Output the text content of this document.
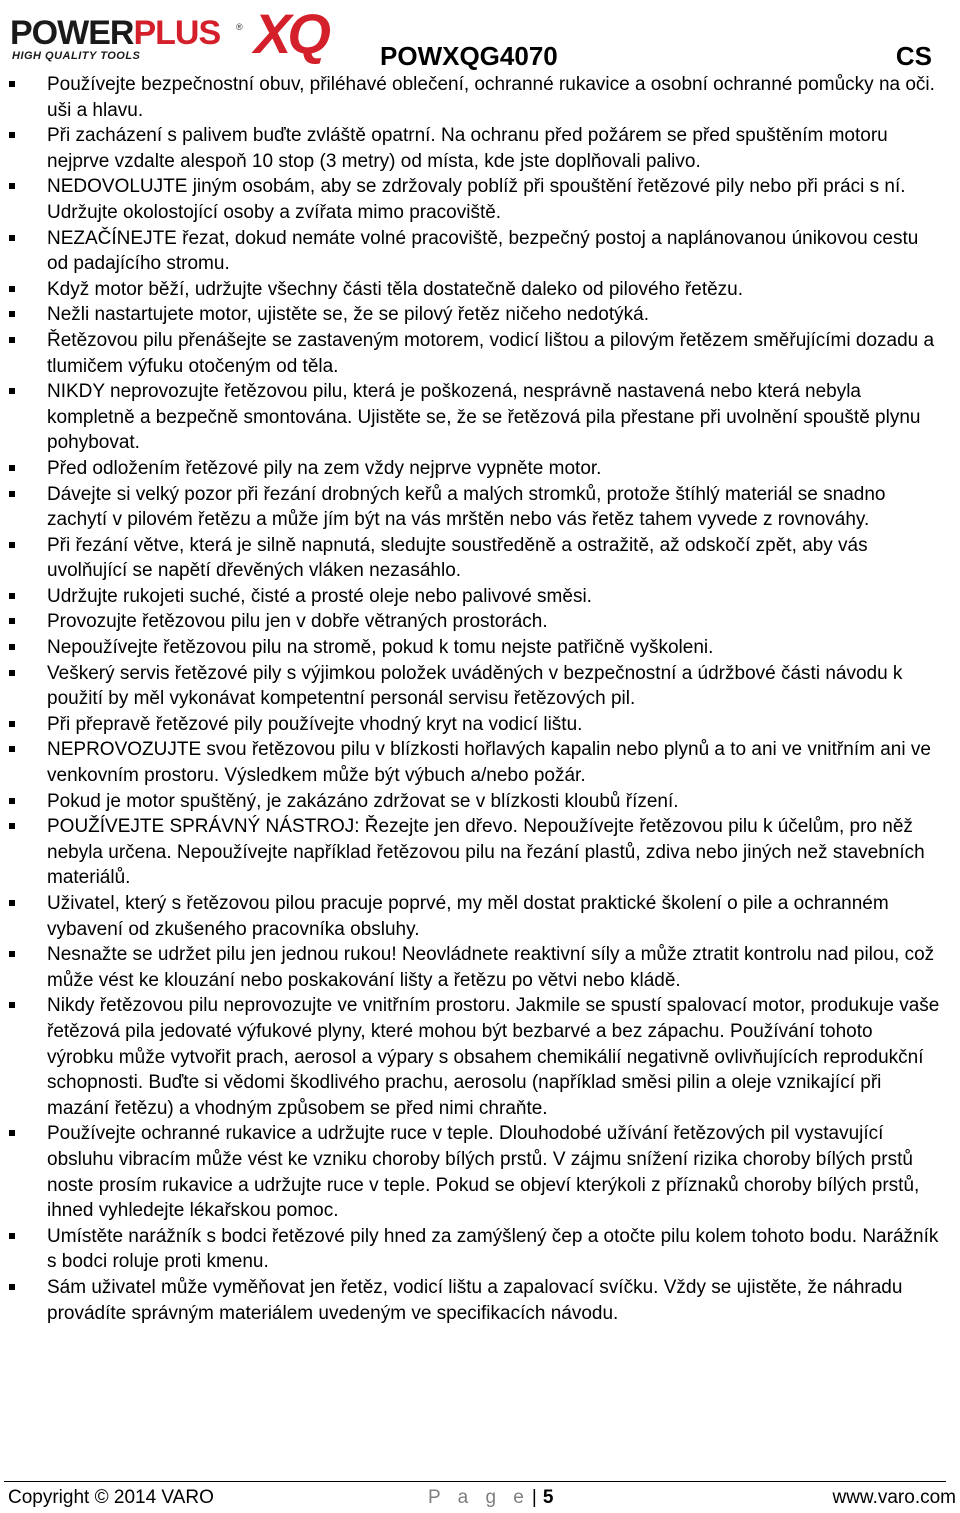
POWERPLUS ®
HIGH QUALITY TOOLS XQ POWXQG4070	CS
Používejte bezpečnostní obuv, přiléhavé oblečení, ochranné rukavice a osobní ochranné pomůcky na oči. uši a hlavu.
Při zacházení s palivem buďte zvláště opatrní. Na ochranu před požárem se před spuštěním motoru nejprve vzdalte alespoň 10 stop (3 metry) od místa, kde jste doplňovali palivo.
NEDOVOLUJTE jiným osobám, aby se zdržovaly poblíž při spouštění řetězové pily nebo při práci s ní. Udržujte okolostojící osoby a zvířata mimo pracoviště.
NEZAČÍNEJTE řezat, dokud nemáte volné pracoviště, bezpečný postoj a naplánovanou únikovou cestu od padajícího stromu.
Když motor běží, udržujte všechny části těla dostatečně daleko od pilového řetězu.
Nežli nastartujete motor, ujistěte se, že se pilový řetěz ničeho nedotýká.
Řetězovou pilu přenášejte se zastaveným motorem, vodicí lištou a pilovým řetězem směřujícími dozadu a tlumičem výfuku otočeným od těla.
NIKDY neprovozujte řetězovou pilu, která je poškozená, nesprávně nastavená nebo která nebyla kompletně a bezpečně smontována. Ujistěte se, že se řetězová pila přestane při uvolnění spouště plynu pohybovat.
Před odložením řetězové pily na zem vždy nejprve vypněte motor.
Dávejte si velký pozor při řezání drobných keřů a malých stromků, protože štíhlý materiál se snadno zachytí v pilovém řetězu a může jím být na vás mrštěn nebo vás řetěz tahem vyvede z rovnováhy.
Při řezání větve, která je silně napnutá, sledujte soustředěně a ostražitě, až odskočí zpět, aby vás uvolňující se napětí dřevěných vláken nezasáhlo.
Udržujte rukojeti suché, čisté a prosté oleje nebo palivové směsi.
Provozujte řetězovou pilu jen v dobře větraných prostorách.
Nepoužívejte řetězovou pilu na stromě, pokud k tomu nejste patřičně vyškoleni.
Veškerý servis řetězové pily s výjimkou položek uváděných v bezpečnostní a údržbové části návodu k použití by měl vykonávat kompetentní personál servisu řetězových pil.
Při přepravě řetězové pily používejte vhodný kryt na vodicí lištu.
NEPROVOZUJTE svou řetězovou pilu v blízkosti hořlavých kapalin nebo plynů a to ani ve vnitřním ani ve venkovním prostoru. Výsledkem může být výbuch a/nebo požár.
Pokud je motor spuštěný, je zakázáno zdržovat se v blízkosti kloubů řízení.
POUŽÍVEJTE SPRÁVNÝ NÁSTROJ: Řezejte jen dřevo. Nepoužívejte řetězovou pilu k účelům, pro něž nebyla určena. Nepoužívejte například řetězovou pilu na řezání plastů, zdiva nebo jiných než stavebních materiálů.
Uživatel, který s řetězovou pilou pracuje poprvé, my měl dostat praktické školení o pile a ochranném vybavení od zkušeného pracovníka obsluhy.
Nesnažte se udržet pilu jen jednou rukou! Neovládnete reaktivní síly a může ztratit kontrolu nad pilou, což může vést ke klouzání nebo poskakování lišty a řetězu po větvi nebo kládě.
Nikdy řetězovou pilu neprovozujte ve vnitřním prostoru. Jakmile se spustí spalovací motor, produkuje vaše řetězová pila jedovaté výfukové plyny, které mohou být bezbarvé a bez zápachu. Používání tohoto výrobku může vytvořit prach, aerosol a výpary s obsahem chemikálií negativně ovlivňujících reprodukční schopnosti. Buďte si vědomi škodlivého prachu, aerosolu (například směsi pilin a oleje vznikající při mazání řetězu) a vhodným způsobem se před nimi chraňte.
Používejte ochranné rukavice a udržujte ruce v teple. Dlouhodobé užívání řetězových pil vystavující obsluhu vibracím může vést ke vzniku choroby bílých prstů. V zájmu snížení rizika choroby bílých prstů noste prosím rukavice a udržujte ruce v teple. Pokud se objeví kterýkoli z příznaků choroby bílých prstů, ihned vyhledejte lékařskou pomoc.
Umístěte narážník s bodci řetězové pily hned za zamýšlený čep a otočte pilu kolem tohoto bodu. Narážník s bodci roluje proti kmenu.
Sám uživatel může vyměňovat jen řetěz, vodicí lištu a zapalovací svíčku. Vždy se ujistěte, že náhradu provádíte správným materiálem uvedeným ve specifikacích návodu.
Copyright © 2014 VARO	P a g e | 5	www.varo.com
